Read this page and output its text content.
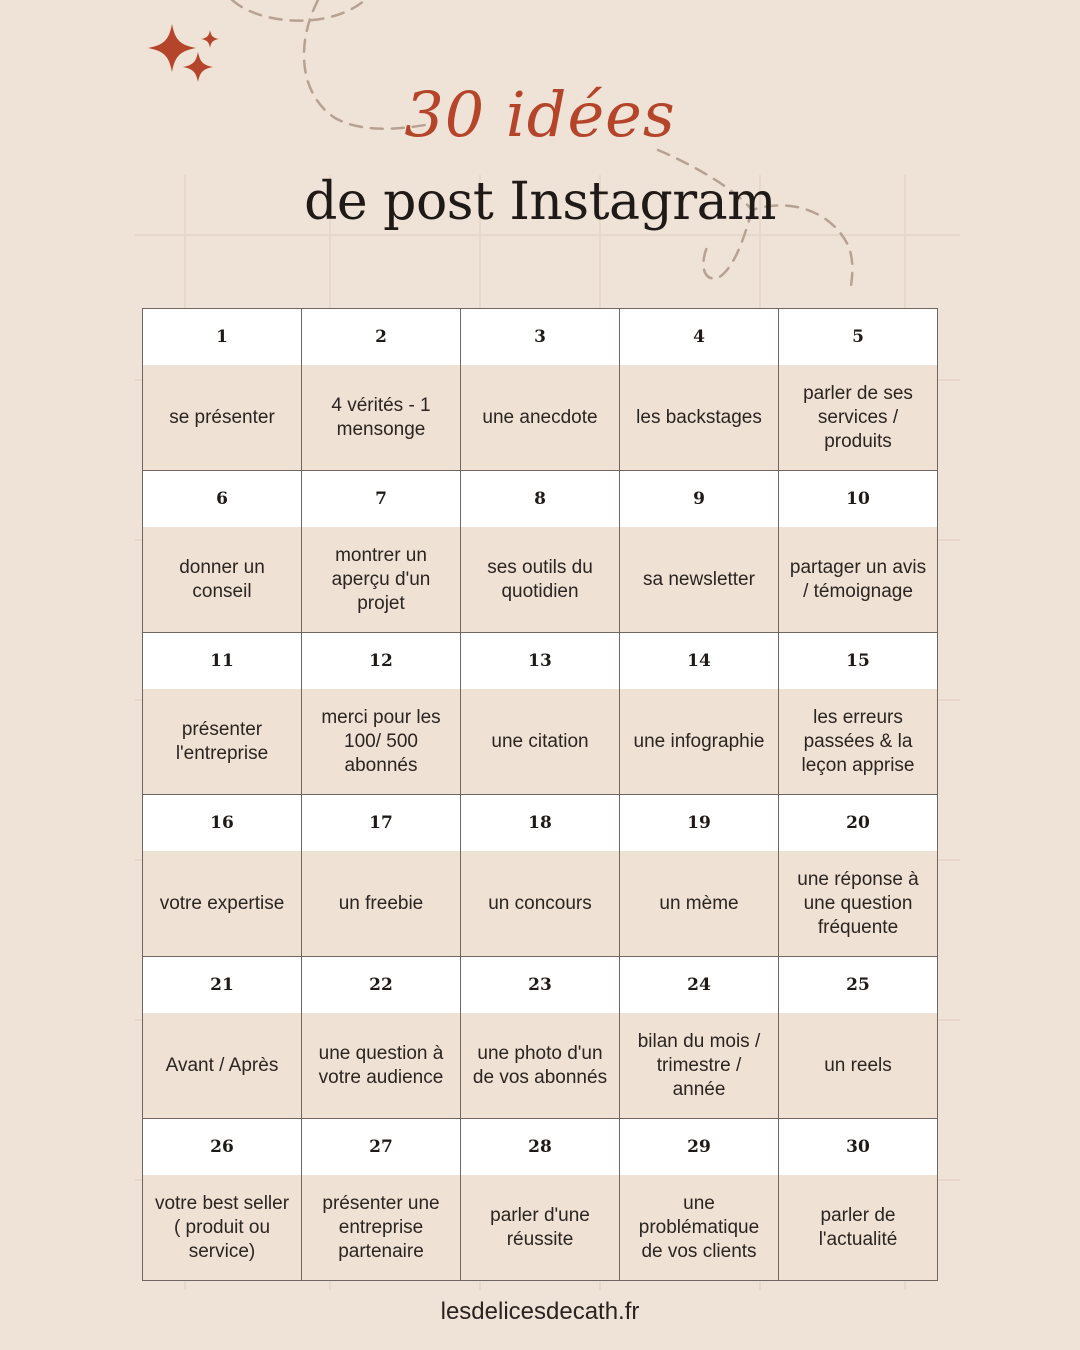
30 idées
de post Instagram
1
se présenter
2
4 vérités - 1 mensonge
3
une anecdote
4
les backstages
5
parler de ses services / produits
6
donner un conseil
7
montrer un aperçu d'un projet
8
ses outils du quotidien
9
sa newsletter
10
partager un avis / témoignage
11
présenter l'entreprise
12
merci pour les 100/ 500 abonnés
13
une citation
14
une infographie
15
les erreurs passées & la leçon apprise
16
votre expertise
17
un freebie
18
un concours
19
un mème
20
une réponse à une question fréquente
21
Avant / Après
22
une question à votre audience
23
une photo d'un de vos abonnés
24
bilan du mois / trimestre / année
25
un reels
26
votre best seller ( produit ou service)
27
présenter une entreprise partenaire
28
parler d'une réussite
29
une problématique de vos clients
30
parler de l'actualité
lesdelicesdecath.fr
